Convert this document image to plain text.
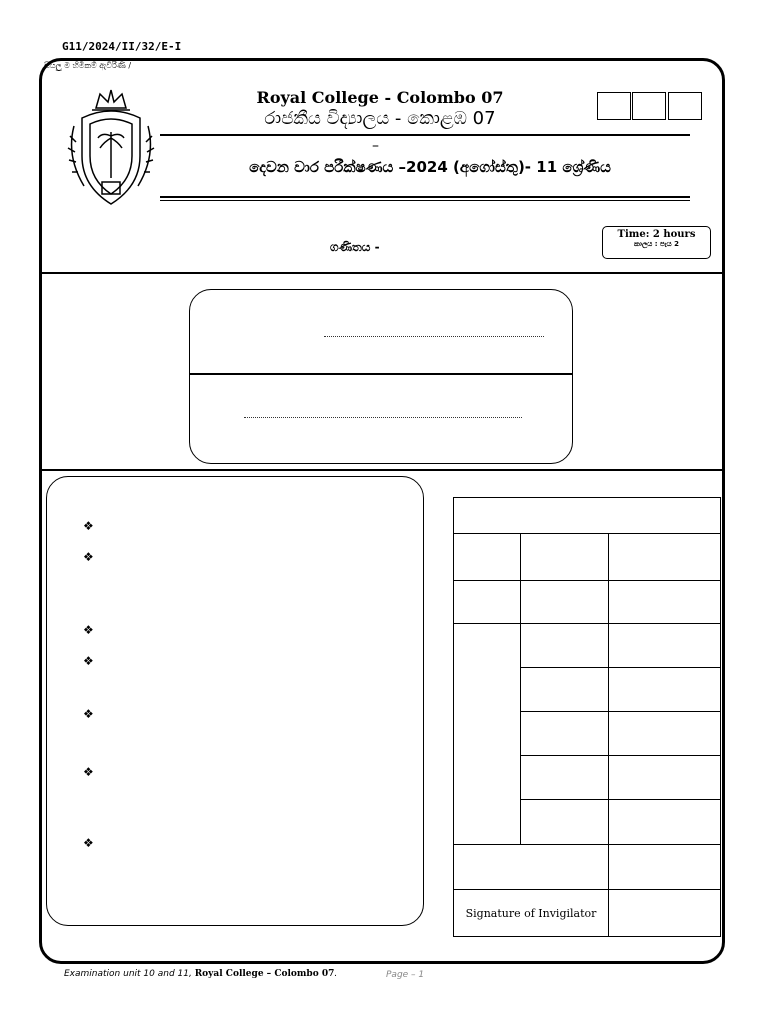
G11/2024/II/32/E-I
සියලු ම හිමිකම් ඇවිරිණි /
Royal College - Colombo 07
රාජකීය විද්‍යාලය - කොළඹ 07
–
දෙවන වාර පරීක්ෂණය –2024 (අගෝස්තු)- 11 ශ්‍රේණිය
ගණිතය -
Time: 2 hours
කාලය : පැය 2
❖
❖
❖
❖
❖
❖
❖

Signature of Invigilator		
Examination unit 10 and 11, Royal College – Colombo 07.	Page – 1
